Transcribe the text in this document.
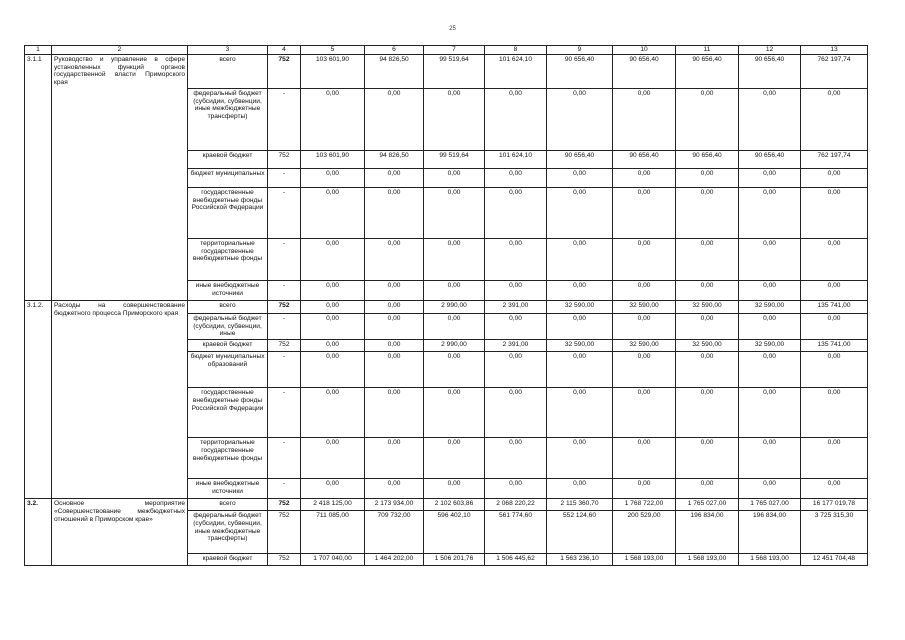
25
1	2	3	4	5	6	7	8	9	10	11	12	13
3.1.1	Руководство и управление в сфере установленных функций органов государственной власти Приморского края	всего	752	103 601,90	94 826,50	99 519,64	101 624,10	90 656,40	90 656,40	90 656,40	90 656,40	762 197,74
		федеральный бюджет (субсидии, субвенции, иные межбюджетные трансферты)	-	0,00	0,00	0,00	0,00	0,00	0,00	0,00	0,00	0,00
		краевой бюджет	752	103 601,90	94 826,50	99 519,64	101 624,10	90 656,40	90 656,40	90 656,40	90 656,40	762 197,74
		бюджет муниципальных	-	0,00	0,00	0,00	0,00	0,00	0,00	0,00	0,00	0,00
		государственные внебюджетные фонды Российской Федерации	-	0,00	0,00	0,00	0,00	0,00	0,00	0,00	0,00	0,00
		территориальные государственные внебюджетные фонды	-	0,00	0,00	0,00	0,00	0,00	0,00	0,00	0,00	0,00
		иные внебюджетные источники	-	0,00	0,00	0,00	0,00	0,00	0,00	0,00	0,00	0,00
3.1.2.	Расходы на совершенствование бюджетного процесса Приморского края	всего	752	0,00	0,00	2 990,00	2 391,00	32 590,00	32 590,00	32 590,00	32 590,00	135 741,00
		федеральный бюджет (субсидии, субвенции, иные	-	0,00	0,00	0,00	0,00	0,00	0,00	0,00	0,00	0,00
		краевой бюджет	752	0,00	0,00	2 990,00	2 391,00	32 590,00	32 590,00	32 590,00	32 590,00	135 741,00
		бюджет муниципальных образований	-	0,00	0,00	0,00	0,00	0,00	0,00	0,00	0,00	0,00
		государственные внебюджетные фонды Российской Федерации	-	0,00	0,00	0,00	0,00	0,00	0,00	0,00	0,00	0,00
		территориальные государственные внебюджетные фонды	-	0,00	0,00	0,00	0,00	0,00	0,00	0,00	0,00	0,00
		иные внебюджетные источники	-	0,00	0,00	0,00	0,00	0,00	0,00	0,00	0,00	0,00
3.2.	Основное мероприятие «Совершенствование межбюджетных отношений в Приморском крае»	всего	752	2 418 125,00	2 173 934,00	2 102 603,86	2 068 220,22	2 115 360,70	1 768 722,00	1 765 027,00	1 765 027,00	16 177 019,78
		федеральный бюджет (субсидии, субвенции, иные межбюджетные трансферты)	752	711 085,00	709 732,00	596 402,10	561 774,60	552 124,60	200 529,00	196 834,00	196 834,00	3 725 315,30
		краевой бюджет	752	1 707 040,00	1 464 202,00	1 506 201,76	1 506 445,62	1 563 236,10	1 568 193,00	1 568 193,00	1 568 193,00	12 451 704,48
